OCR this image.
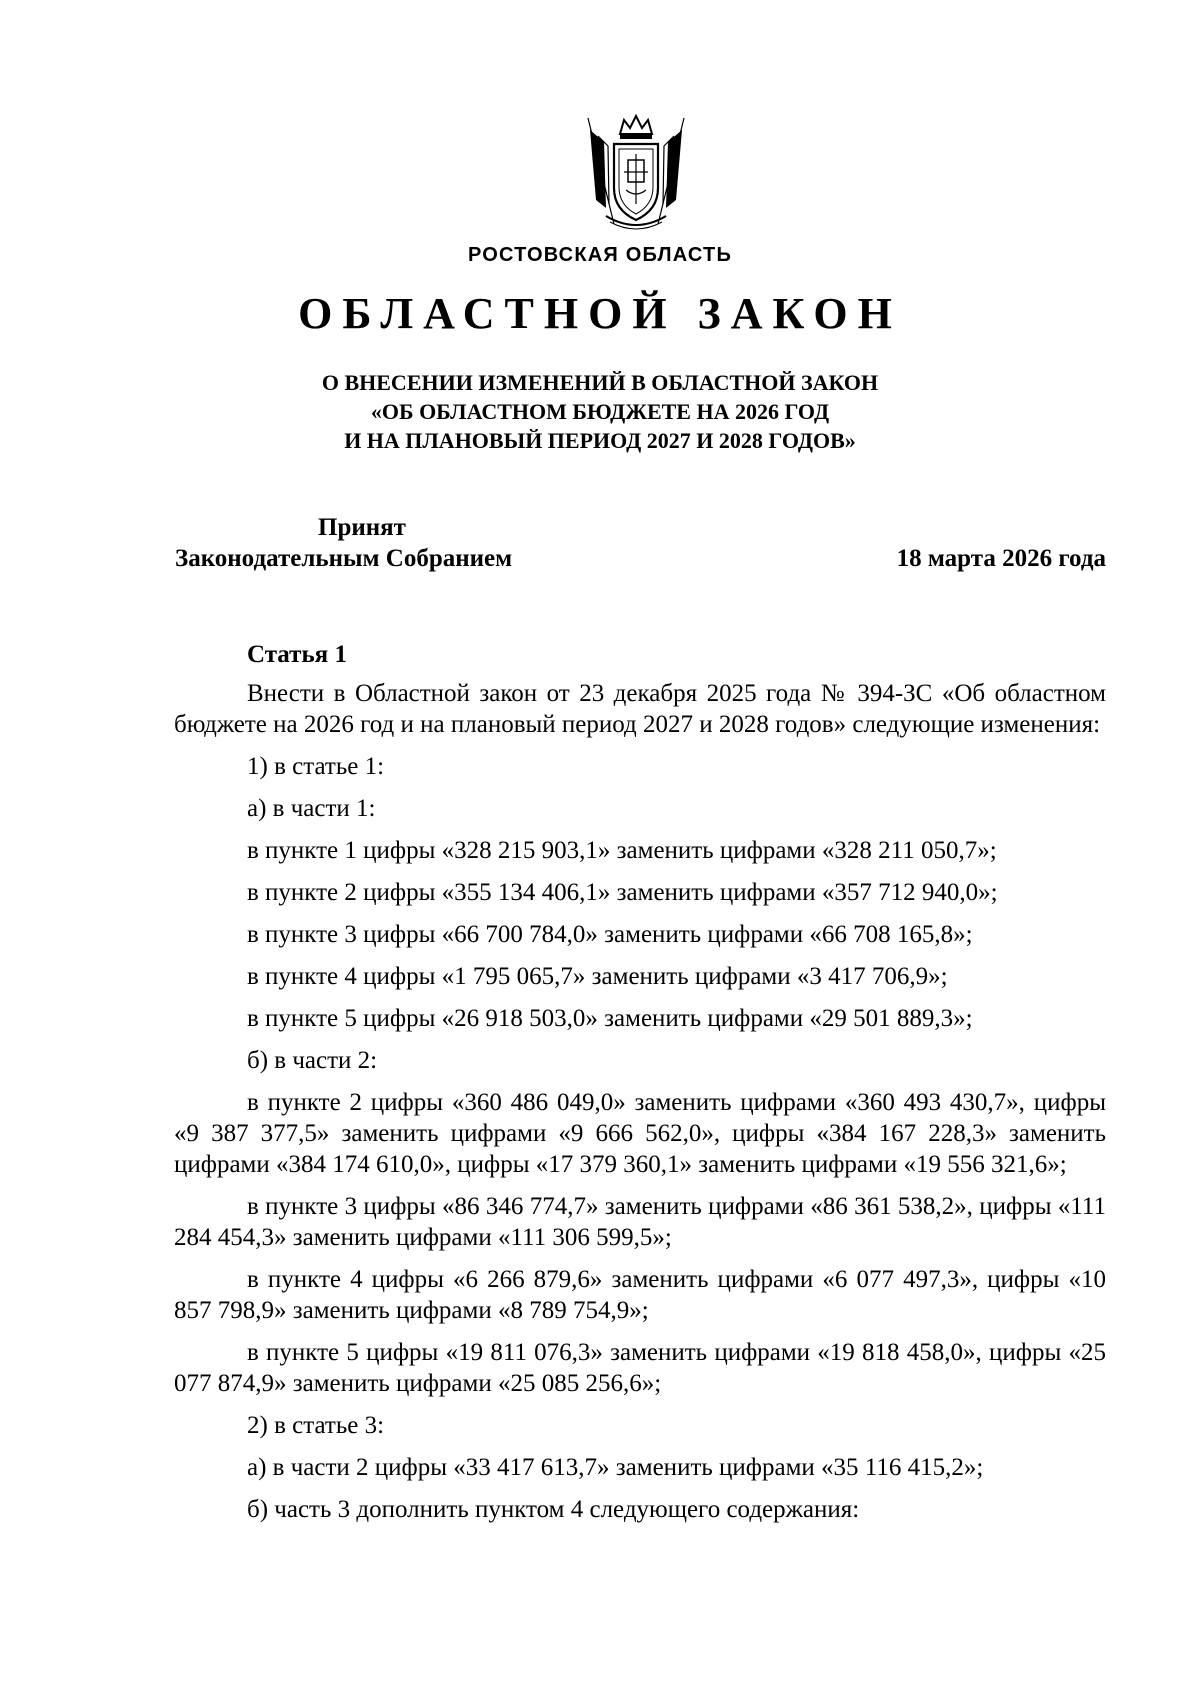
РОСТОВСКАЯ ОБЛАСТЬ
ОБЛАСТНОЙ ЗАКОН
О ВНЕСЕНИИ ИЗМЕНЕНИЙ В ОБЛАСТНОЙ ЗАКОН
«ОБ ОБЛАСТНОМ БЮДЖЕТЕ НА 2026 ГОД
И НА ПЛАНОВЫЙ ПЕРИОД 2027 И 2028 ГОДОВ»
Принят
Законодательным Собранием	18 марта 2026 года
Статья 1

Внести в Областной закон от 23 декабря 2025 года № 394-ЗС «Об областном бюджете на 2026 год и на плановый период 2027 и 2028 годов» следующие изменения:

1) в статье 1:

а) в части 1:

в пункте 1 цифры «328 215 903,1» заменить цифрами «328 211 050,7»;

в пункте 2 цифры «355 134 406,1» заменить цифрами «357 712 940,0»;

в пункте 3 цифры «66 700 784,0» заменить цифрами «66 708 165,8»;

в пункте 4 цифры «1 795 065,7» заменить цифрами «3 417 706,9»;

в пункте 5 цифры «26 918 503,0» заменить цифрами «29 501 889,3»;

б) в части 2:

в пункте 2 цифры «360 486 049,0» заменить цифрами «360 493 430,7», цифры «9 387 377,5» заменить цифрами «9 666 562,0», цифры «384 167 228,3» заменить цифрами «384 174 610,0», цифры «17 379 360,1» заменить цифрами «19 556 321,6»;

в пункте 3 цифры «86 346 774,7» заменить цифрами «86 361 538,2», цифры «111 284 454,3» заменить цифрами «111 306 599,5»;

в пункте 4 цифры «6 266 879,6» заменить цифрами «6 077 497,3», цифры «10 857 798,9» заменить цифрами «8 789 754,9»;

в пункте 5 цифры «19 811 076,3» заменить цифрами «19 818 458,0», цифры «25 077 874,9» заменить цифрами «25 085 256,6»;

2) в статье 3:

а) в части 2 цифры «33 417 613,7» заменить цифрами «35 116 415,2»;

б) часть 3 дополнить пунктом 4 следующего содержания:
